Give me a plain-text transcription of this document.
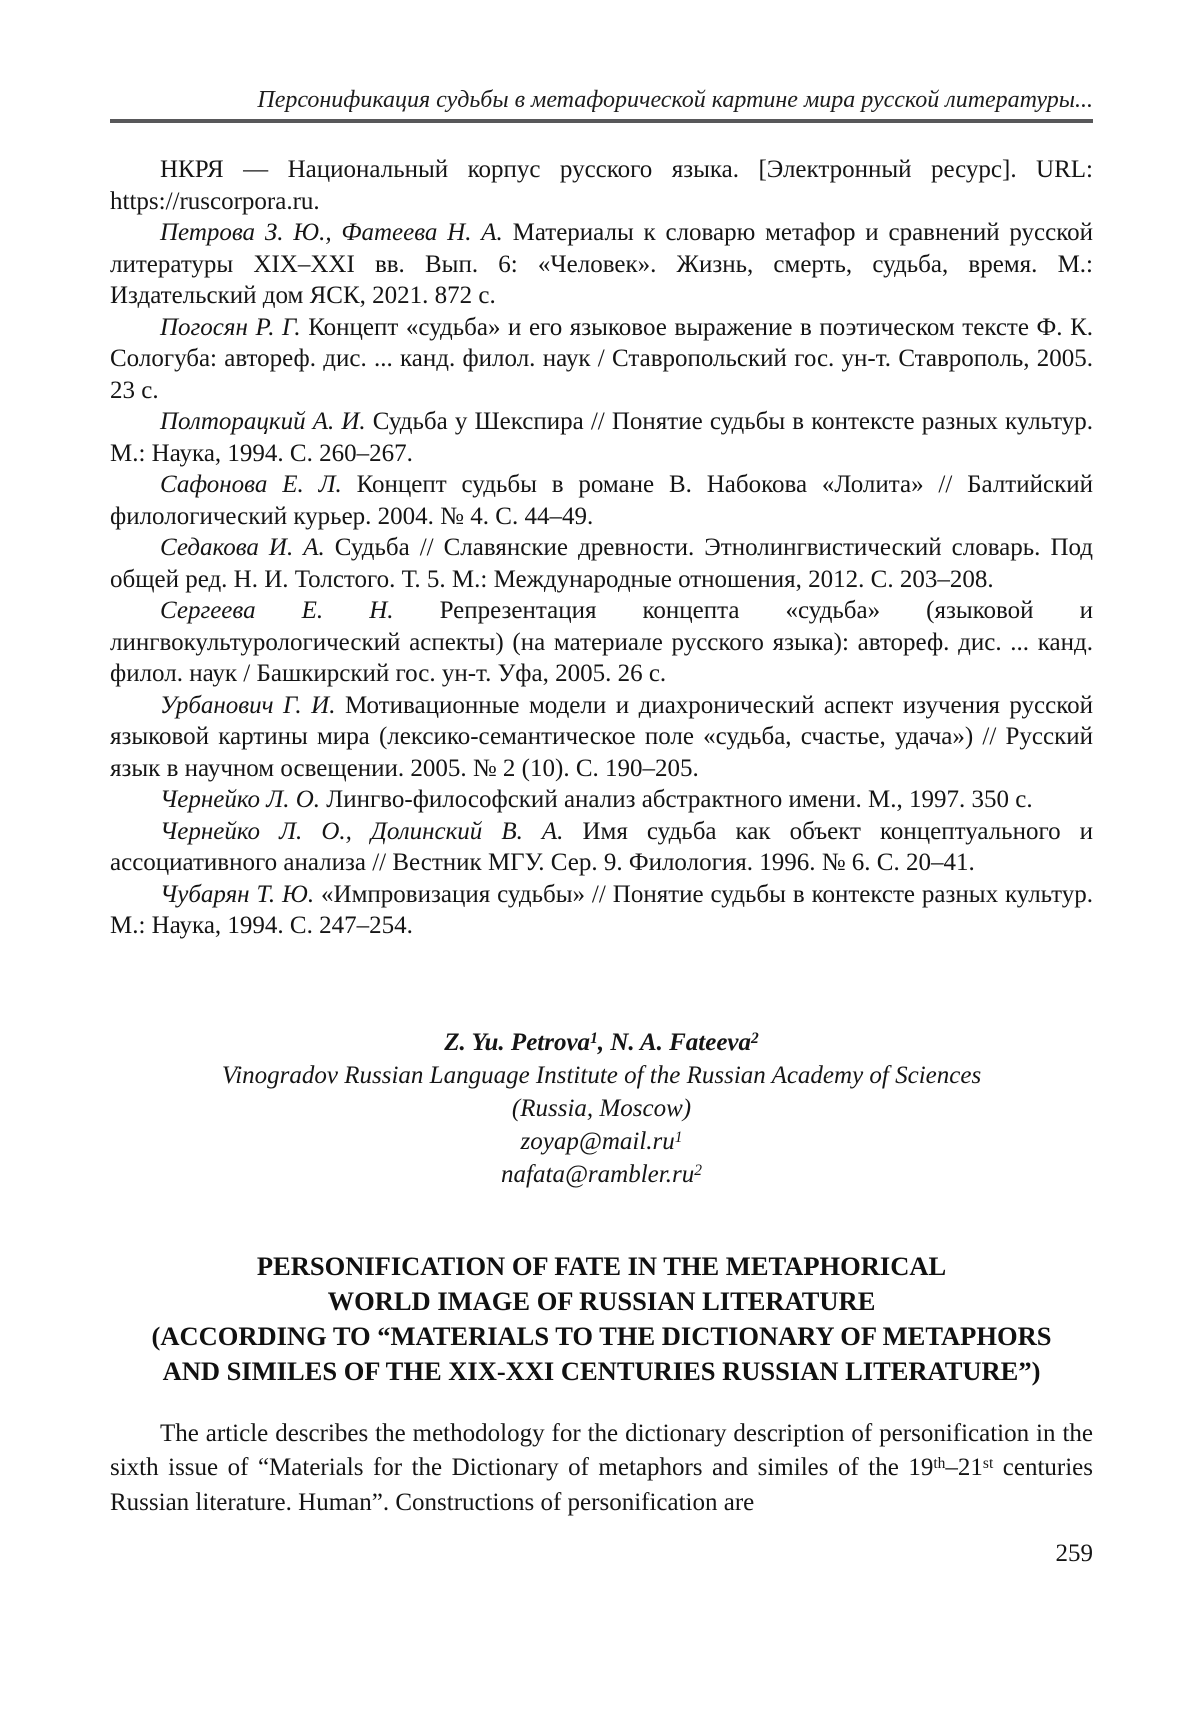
Персонификация судьбы в метафорической картине мира русской литературы...

НКРЯ — Национальный корпус русского языка. [Электронный ресурс]. URL: https://ruscorpora.ru.

Петрова З. Ю., Фатеева Н. А. Материалы к словарю метафор и сравнений русской литературы XIX–XXI вв. Вып. 6: «Человек». Жизнь, смерть, судьба, время. М.: Издательский дом ЯСК, 2021. 872 с.

Погосян Р. Г. Концепт «судьба» и его языковое выражение в поэтическом тексте Ф. К. Сологуба: автореф. дис. ... канд. филол. наук / Ставропольский гос. ун-т. Ставрополь, 2005. 23 с.

Полторацкий А. И. Судьба у Шекспира // Понятие судьбы в контексте разных культур. М.: Наука, 1994. С. 260–267.

Сафонова Е. Л. Концепт судьбы в романе В. Набокова «Лолита» // Балтийский филологический курьер. 2004. № 4. С. 44–49.

Седакова И. А. Судьба // Славянские древности. Этнолингвистический словарь. Под общей ред. Н. И. Толстого. Т. 5. М.: Международные отношения, 2012. С. 203–208.

Сергеева Е. Н. Репрезентация концепта «судьба» (языковой и лингвокультурологический аспекты) (на материале русского языка): автореф. дис. ... канд. филол. наук / Башкирский гос. ун-т. Уфа, 2005. 26 с.

Урбанович Г. И. Мотивационные модели и диахронический аспект изучения русской языковой картины мира (лексико-семантическое поле «судьба, счастье, удача») // Русский язык в научном освещении. 2005. № 2 (10). С. 190–205.

Чернейко Л. О. Лингво-философский анализ абстрактного имени. М., 1997. 350 с.

Чернейко Л. О., Долинский В. А. Имя судьба как объект концептуального и ассоциативного анализа // Вестник МГУ. Сер. 9. Филология. 1996. № 6. С. 20–41.

Чубарян Т. Ю. «Импровизация судьбы» // Понятие судьбы в контексте разных культур. М.: Наука, 1994. С. 247–254.

Z. Yu. Petrova$^1$, N. A. Fateeva$^2$
Vinogradov Russian Language Institute of the Russian Academy of Sciences
(Russia, Moscow)
$zoyap@mail.ru^1$
$nafata@rambler.ru^2$
PERSONIFICATION OF FATE IN THE METAPHORICAL
WORLD IMAGE OF RUSSIAN LITERATURE
(ACCORDING TO “MATERIALS TO THE DICTIONARY OF METAPHORS
AND SIMILES OF THE XIX-XXI CENTURIES RUSSIAN LITERATURE”)

The article describes the methodology for the dictionary description of personification in the sixth issue of “Materials for the Dictionary of metaphors and similes of the 19th–21st centuries Russian literature. Human”. Constructions of personification are

259
